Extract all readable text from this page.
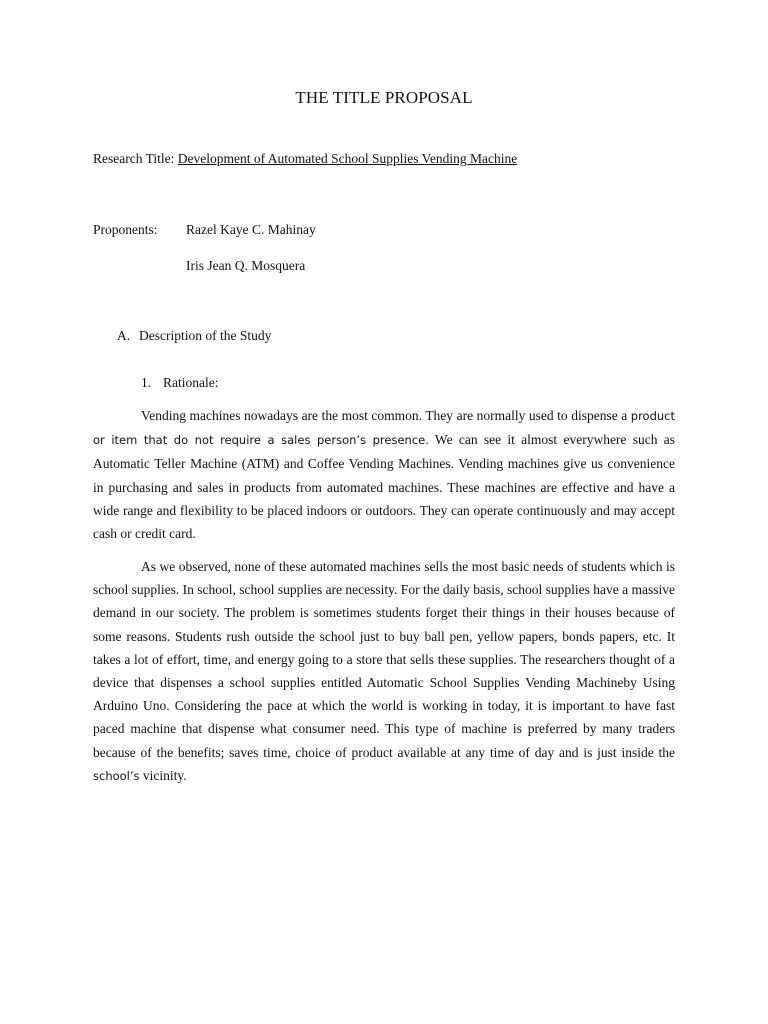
THE TITLE PROPOSAL
Research Title: Development of Automated School Supplies Vending Machine
Proponents: Razel Kaye C. Mahinay
Iris Jean Q. Mosquera
A. Description of the Study
1. Rationale:

Vending machines nowadays are the most common. They are normally used to dispense a product or item that do not require a sales person’s presence. We can see it almost everywhere such as Automatic Teller Machine (ATM) and Coffee Vending Machines. Vending machines give us convenience in purchasing and sales in products from automated machines. These machines are effective and have a wide range and flexibility to be placed indoors or outdoors. They can operate continuously and may accept cash or credit card.

As we observed, none of these automated machines sells the most basic needs of students which is school supplies. In school, school supplies are necessity. For the daily basis, school supplies have a massive demand in our society. The problem is sometimes students forget their things in their houses because of some reasons. Students rush outside the school just to buy ball pen, yellow papers, bonds papers, etc. It takes a lot of effort, time, and energy going to a store that sells these supplies. The researchers thought of a device that dispenses a school supplies entitled Automatic School Supplies Vending Machineby Using Arduino Uno. Considering the pace at which the world is working in today, it is important to have fast paced machine that dispense what consumer need. This type of machine is preferred by many traders because of the benefits; saves time, choice of product available at any time of day and is just inside the school’s vicinity.
